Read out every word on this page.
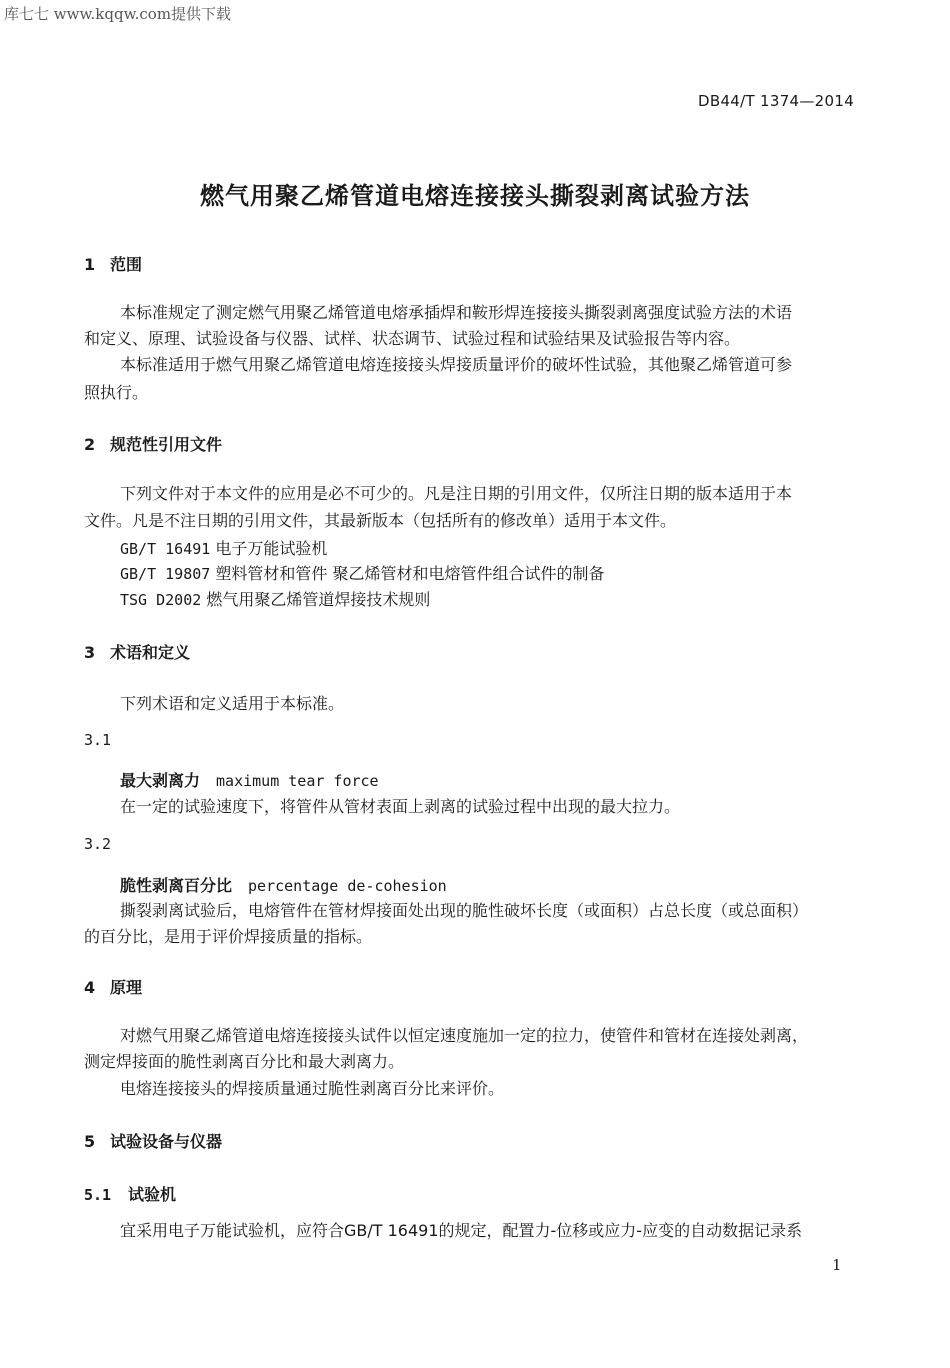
库七七 www.kqqw.com提供下载
DB44/T 1374—2014
燃气用聚乙烯管道电熔连接接头撕裂剥离试验方法
1 范围
本标准规定了测定燃气用聚乙烯管道电熔承插焊和鞍形焊连接接头撕裂剥离强度试验方法的术语
和定义、原理、试验设备与仪器、试样、状态调节、试验过程和试验结果及试验报告等内容。
本标准适用于燃气用聚乙烯管道电熔连接接头焊接质量评价的破坏性试验，其他聚乙烯管道可参
照执行。
2 规范性引用文件
下列文件对于本文件的应用是必不可少的。凡是注日期的引用文件，仅所注日期的版本适用于本
文件。凡是不注日期的引用文件，其最新版本（包括所有的修改单）适用于本文件。
GB/T 16491 电子万能试验机
GB/T 19807 塑料管材和管件 聚乙烯管材和电熔管件组合试件的制备
TSG D2002 燃气用聚乙烯管道焊接技术规则
3 术语和定义
下列术语和定义适用于本标准。
3.1
最大剥离力 maximum tear force
在一定的试验速度下，将管件从管材表面上剥离的试验过程中出现的最大拉力。
3.2
脆性剥离百分比 percentage de-cohesion
撕裂剥离试验后，电熔管件在管材焊接面处出现的脆性破坏长度（或面积）占总长度（或总面积）
的百分比，是用于评价焊接质量的指标。
4 原理
对燃气用聚乙烯管道电熔连接接头试件以恒定速度施加一定的拉力，使管件和管材在连接处剥离，
测定焊接面的脆性剥离百分比和最大剥离力。
电熔连接接头的焊接质量通过脆性剥离百分比来评价。
5 试验设备与仪器
5.1 试验机
宜采用电子万能试验机，应符合GB/T 16491的规定，配置力-位移或应力-应变的自动数据记录系
1
